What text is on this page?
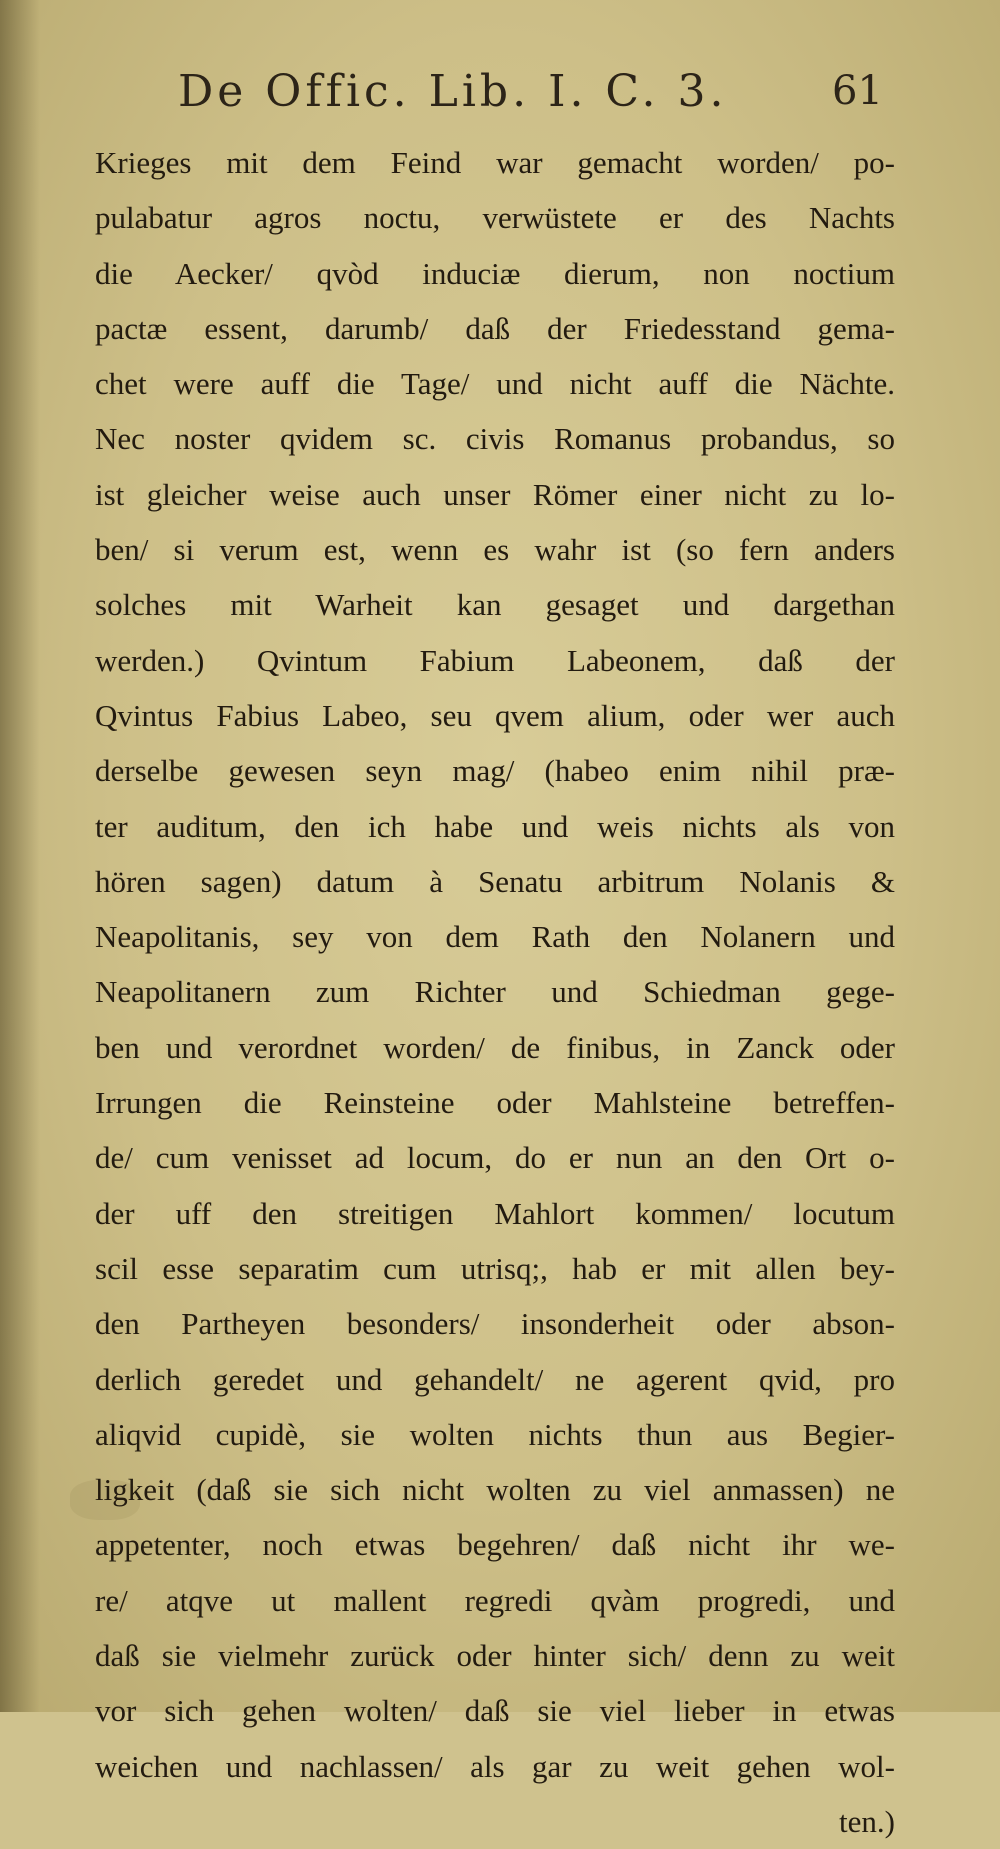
De Offic. Lib. I. C. 3.	61
Krieges mit dem Feind war gemacht worden/ po-
pulabatur agros noctu, verwüstete er des Nachts
die Aecker/ qvòd induciæ dierum, non noctium
pactæ essent, darumb/ daß der Friedesstand gema-
chet were auff die Tage/ und nicht auff die Nächte.
Nec noster qvidem sc. civis Romanus probandus, so
ist gleicher weise auch unser Römer einer nicht zu lo-
ben/ si verum est, wenn es wahr ist (so fern anders
solches mit Warheit kan gesaget und dargethan
werden.) Qvintum Fabium Labeonem, daß der
Qvintus Fabius Labeo, seu qvem alium, oder wer auch
derselbe gewesen seyn mag/ (habeo enim nihil præ-
ter auditum, den ich habe und weis nichts als von
hören sagen) datum à Senatu arbitrum Nolanis &
Neapolitanis, sey von dem Rath den Nolanern und
Neapolitanern zum Richter und Schiedman gege-
ben und verordnet worden/ de finibus, in Zanck oder
Irrungen die Reinsteine oder Mahlsteine betreffen-
de/ cum venisset ad locum, do er nun an den Ort o-
der uff den streitigen Mahlort kommen/ locutum
scil esse separatim cum utrisq;, hab er mit allen bey-
den Partheyen besonders/ insonderheit oder abson-
derlich geredet und gehandelt/ ne agerent qvid, pro
aliqvid cupidè, sie wolten nichts thun aus Begier-
ligkeit (daß sie sich nicht wolten zu viel anmassen) ne
appetenter, noch etwas begehren/ daß nicht ihr we-
re/ atqve ut mallent regredi qvàm progredi, und
daß sie vielmehr zurück oder hinter sich/ denn zu weit
vor sich gehen wolten/ daß sie viel lieber in etwas
weichen und nachlassen/ als gar zu weit gehen wol-
ten.)
